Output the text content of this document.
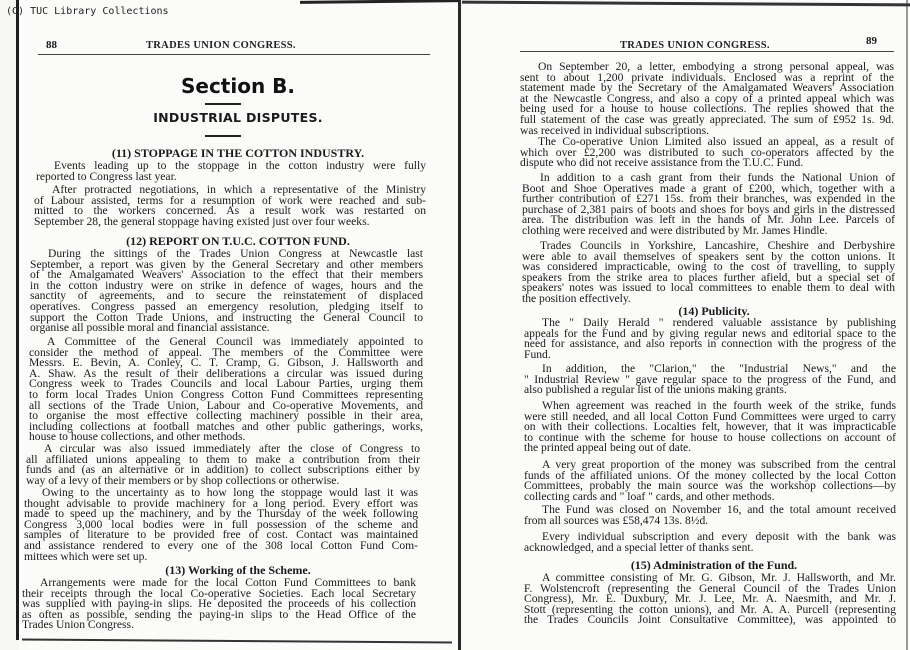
(C) TUC Library Collections
88	TRADES UNION CONGRESS.
Section B.
INDUSTRIAL DISPUTES.
(11) STOPPAGE IN THE COTTON INDUSTRY.
Events leading up to the stoppage in the cotton industry were fully
reported to Congress last year.
After protracted negotiations, in which a representative of the Ministry
of Labour assisted, terms for a resumption of work were reached and sub-
mitted to the workers concerned. As a result work was restarted on
September 28, the general stoppage having existed just over four weeks.
(12) REPORT ON T.U.C. COTTON FUND.
During the sittings of the Trades Union Congress at Newcastle last
September, a report was given by the General Secretary and other members
of the Amalgamated Weavers' Association to the effect that their members
in the cotton industry were on strike in defence of wages, hours and the
sanctity of agreements, and to secure the reinstatement of displaced
operatives. Congress passed an emergency resolution, pledging itself to
support the Cotton Trade Unions, and instructing the General Council to
organise all possible moral and financial assistance.
A Committee of the General Council was immediately appointed to
consider the method of appeal. The members of the Committee were
Messrs. E. Bevin, A. Conley, C. T. Cramp, G. Gibson, J. Hallsworth and
A. Shaw. As the result of their deliberations a circular was issued during
Congress week to Trades Councils and local Labour Parties, urging them
to form local Trades Union Congress Cotton Fund Committees representing
all sections of the Trade Union, Labour and Co-operative Movements, and
to organise the most effective collecting machinery possible in their area,
including collections at football matches and other public gatherings, works,
house to house collections, and other methods.
A circular was also issued immediately after the close of Congress to
all affiliated unions appealing to them to make a contribution from their
funds and (as an alternative or in addition) to collect subscriptions either by
way of a levy of their members or by shop collections or otherwise.
Owing to the uncertainty as to how long the stoppage would last it was
thought advisable to provide machinery for a long period. Every effort was
made to speed up the machinery, and by the Thursday of the week following
Congress 3,000 local bodies were in full possession of the scheme and
samples of literature to be provided free of cost. Contact was maintained
and assistance rendered to every one of the 308 local Cotton Fund Com-
mittees which were set up.
(13) Working of the Scheme.
Arrangements were made for the local Cotton Fund Committees to bank
their receipts through the local Co-operative Societies. Each local Secretary
was supplied with paying-in slips. He deposited the proceeds of his collection
as often as possible, sending the paying-in slips to the Head Office of the
Trades Union Congress.
TRADES UNION CONGRESS.	89
On September 20, a letter, embodying a strong personal appeal, was
sent to about 1,200 private individuals. Enclosed was a reprint of the
statement made by the Secretary of the Amalgamated Weavers' Association
at the Newcastle Congress, and also a copy of a printed appeal which was
being used for a house to house collections. The replies showed that the
full statement of the case was greatly appreciated. The sum of £952 1s. 9d.
was received in individual subscriptions.
The Co-operative Union Limited also issued an appeal, as a result of
which over £2,200 was distributed to such co-operators affected by the
dispute who did not receive assistance from the T.U.C. Fund.
In addition to a cash grant from their funds the National Union of
Boot and Shoe Operatives made a grant of £200, which, together with a
further contribution of £271 15s. from their branches, was expended in the
purchase of 2,381 pairs of boots and shoes for boys and girls in the distressed
area. The distribution was left in the hands of Mr. John Lee. Parcels of
clothing were received and were distributed by Mr. James Hindle.
Trades Councils in Yorkshire, Lancashire, Cheshire and Derbyshire
were able to avail themselves of speakers sent by the cotton unions. It
was considered impracticable, owing to the cost of travelling, to supply
speakers from the strike area to places further afield, but a special set of
speakers' notes was issued to local committees to enable them to deal with
the position effectively.
(14) Publicity.
The " Daily Herald " rendered valuable assistance by publishing
appeals for the Fund and by giving regular news and editorial space to the
need for assistance, and also reports in connection with the progress of the
Fund.
In addition, the "Clarion," the "Industrial News," and the
" Industrial Review " gave regular space to the progress of the Fund, and
also published a regular list of the unions making grants.
When agreement was reached in the fourth week of the strike, funds
were still needed, and all local Cotton Fund Committees were urged to carry
on with their collections. Localties felt, however, that it was impracticable
to continue with the scheme for house to house collections on account of
the printed appeal being out of date.
A very great proportion of the money was subscribed from the central
funds of the affiliated unions. Of the money collected by the local Cotton
Committees, probably the main source was the workshop collections—by
collecting cards and " loaf " cards, and other methods.
The Fund was closed on November 16, and the total amount received
from all sources was £58,474 13s. 8½d.
Every individual subscription and every deposit with the bank was
acknowledged, and a special letter of thanks sent.
(15) Administration of the Fund.
A committee consisting of Mr. G. Gibson, Mr. J. Hallsworth, and Mr.
F. Wolstencroft (representing the General Council of the Trades Union
Congress), Mr. E. Duxbury, Mr. J. Lee, Mr. A. Naesmith, and Mr. J.
Stott (representing the cotton unions), and Mr. A. A. Purcell (representing
the Trades Councils Joint Consultative Committee), was appointed to
